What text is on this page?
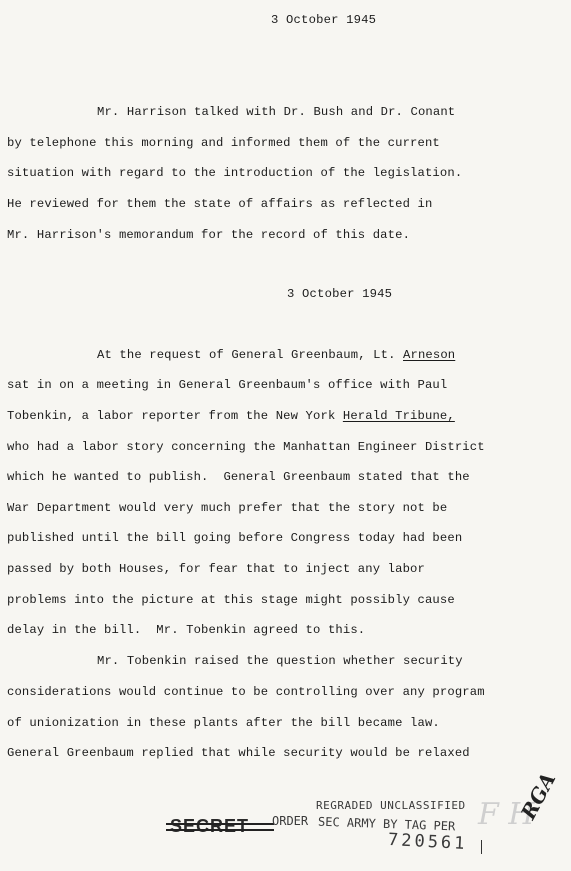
3 October 1945
Mr. Harrison talked with Dr. Bush and Dr. Conant
by telephone this morning and informed them of the current
situation with regard to the introduction of the legislation.
He reviewed for them the state of affairs as reflected in
Mr. Harrison's memorandum for the record of this date.
3 October 1945
At the request of General Greenbaum, Lt. Arneson
sat in on a meeting in General Greenbaum's office with Paul
Tobenkin, a labor reporter from the New York Herald Tribune,
who had a labor story concerning the Manhattan Engineer District
which he wanted to publish.  General Greenbaum stated that the
War Department would very much prefer that the story not be
published until the bill going before Congress today had been
passed by both Houses, for fear that to inject any labor
problems into the picture at this stage might possibly cause
delay in the bill.  Mr. Tobenkin agreed to this.
Mr. Tobenkin raised the question whether security
considerations would continue to be controlling over any program
of unionization in these plants after the bill became law.
General Greenbaum replied that while security would be relaxed
SECRET
REGRADED UNCLASSIFIED
ORDER SEC ARMY BY TAG PER
720561
F H
RGA
